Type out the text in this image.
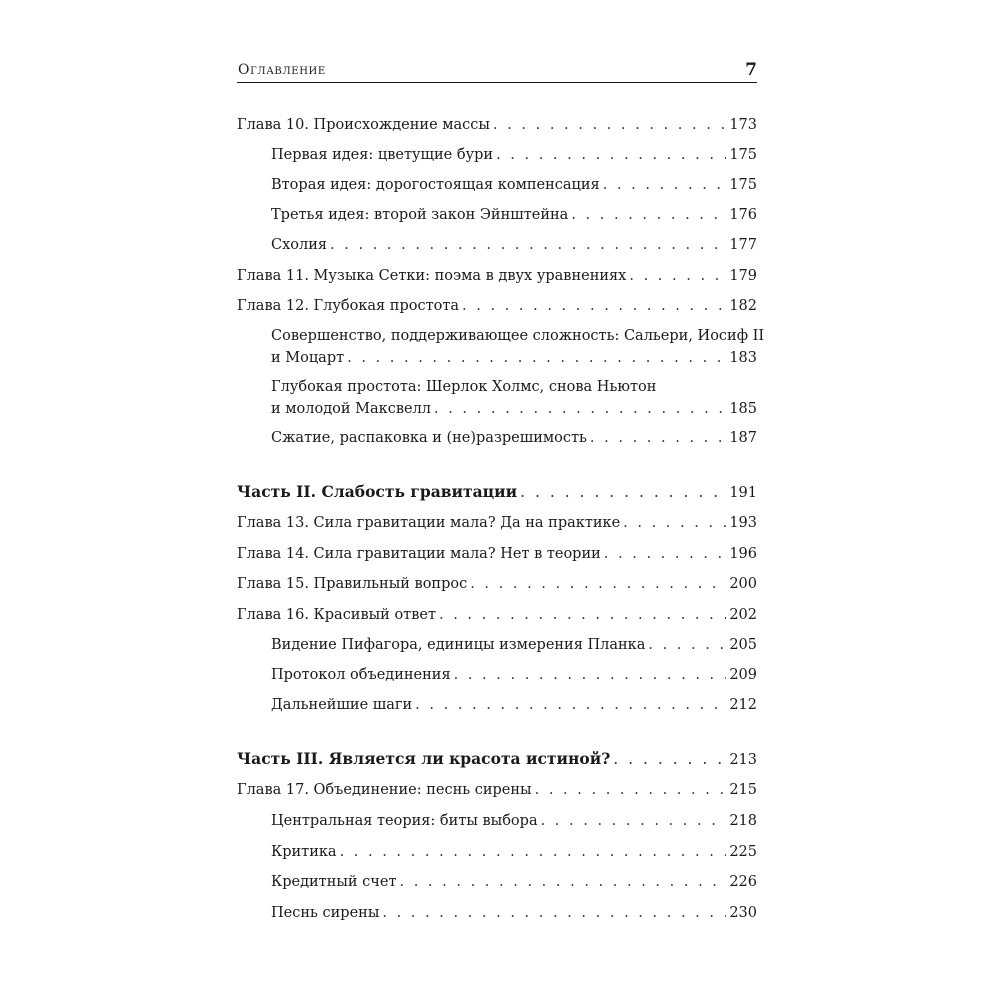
Оглавление	7
Глава 10. Происхождение массы . . .	173
Первая идея: цветущие бури . . .	175
Вторая идея: дорогостоящая компенсация . . .	175
Третья идея: второй закон Эйнштейна . . .	176
Схолия . . .	177
Глава 11. Музыка Сетки: поэма в двух уравнениях . . .	179
Глава 12. Глубокая простота . . .	182
Совершенство, поддерживающее сложность: Сальери, Иосиф II
и Моцарт . . .	183
Глубокая простота: Шерлок Холмс, снова Ньютон
и молодой Максвелл . . .	185
Сжатие, распаковка и (не)разрешимость . . .	187
Часть II. Слабость гравитации . . .	191
Глава 13. Сила гравитации мала? Да на практике . . .	193
Глава 14. Сила гравитации мала? Нет в теории . . .	196
Глава 15. Правильный вопрос . . .	200
Глава 16. Красивый ответ . . .	202
Видение Пифагора, единицы измерения Планка . . .	205
Протокол объединения . . .	209
Дальнейшие шаги . . .	212
Часть III. Является ли красота истиной? . . .	213
Глава 17. Объединение: песнь сирены . . .	215
Центральная теория: биты выбора . . .	218
Критика . . .	225
Кредитный счет . . .	226
Песнь сирены . . .	230
